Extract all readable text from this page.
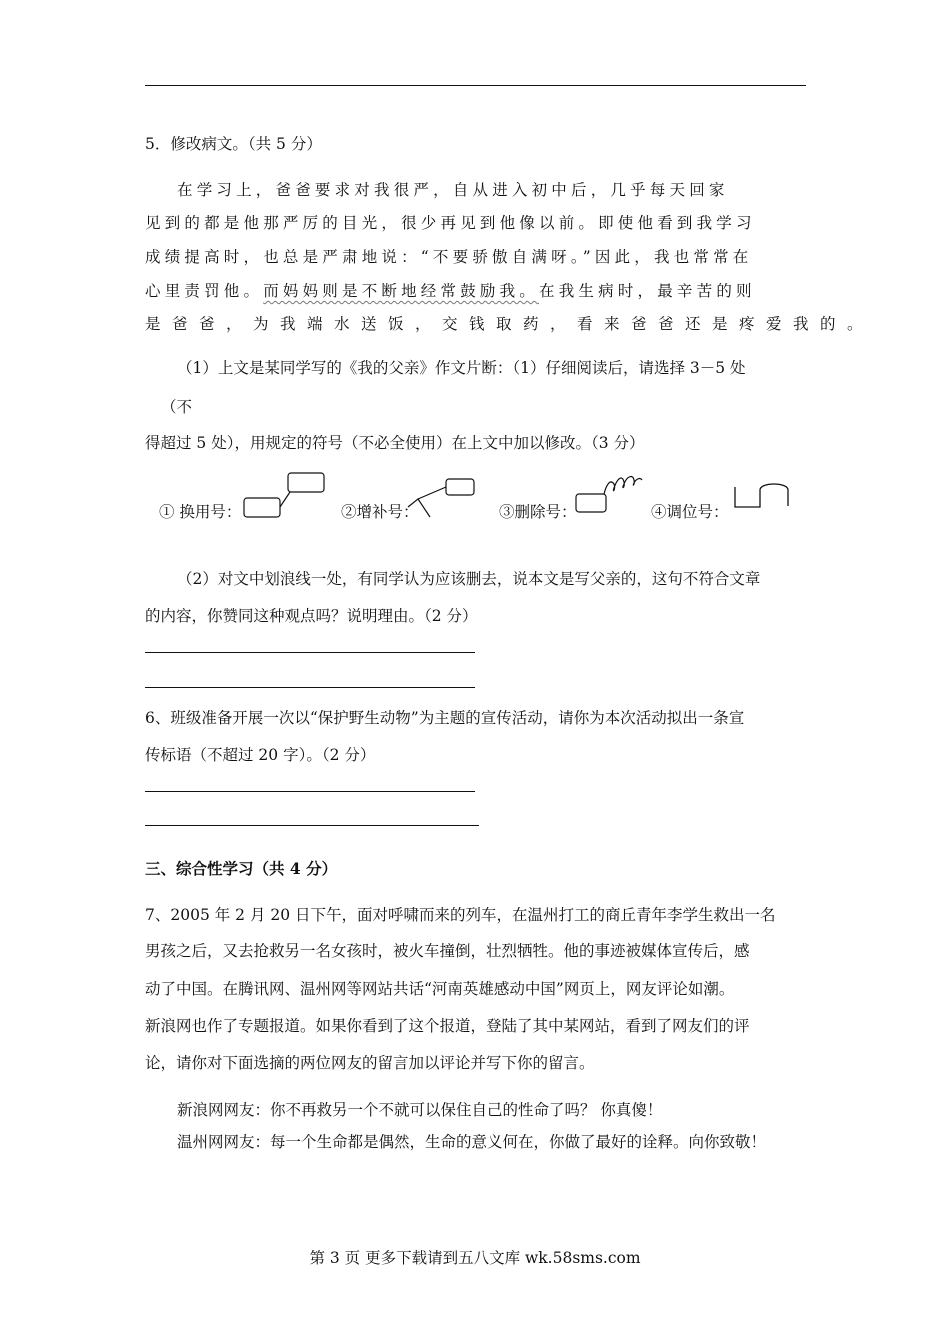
5．修改病文。（共 5 分）
在学习上，爸爸要求对我很严，自从进入初中后，几乎每天回家
见到的都是他那严厉的目光，很少再见到他像以前。即使他看到我学习
成绩提高时，也总是严肃地说：“不要骄傲自满呀。”因此，我也常常在
心里责罚他。而妈妈则是不断地经常鼓励我。在我生病时，最辛苦的则
是爸爸，为我端水送饭，交钱取药，看来爸爸还是疼爱我的。
（1）上文是某同学写的《我的父亲》作文片断：（1）仔细阅读后，请选择 3－5 处
（不
得超过 5 处），用规定的符号（不必全使用）在上文中加以修改。（3 分）
① 换用号：	②增补号：	③删除号：	④调位号：
（2）对文中划浪线一处，有同学认为应该删去，说本文是写父亲的，这句不符合文章
的内容，你赞同这种观点吗？说明理由。（2 分）
6、班级准备开展一次以“保护野生动物”为主题的宣传活动，请你为本次活动拟出一条宣
传标语（不超过 20 字）。（2 分）
三、综合性学习（共 4 分）
7、2005 年 2 月 20 日下午，面对呼啸而来的列车，在温州打工的商丘青年李学生救出一名
男孩之后，又去抢救另一名女孩时，被火车撞倒，壮烈牺牲。他的事迹被媒体宣传后，感
动了中国。在腾讯网、温州网等网站共话“河南英雄感动中国”网页上，网友评论如潮。
新浪网也作了专题报道。如果你看到了这个报道，登陆了其中某网站，看到了网友们的评
论，请你对下面选摘的两位网友的留言加以评论并写下你的留言。
新浪网网友：你不再救另一个不就可以保住自己的性命了吗？ 你真傻！
温州网网友：每一个生命都是偶然，生命的意义何在，你做了最好的诠释。向你致敬！
第 3 页 更多下载请到五八文库 wk.58sms.com
